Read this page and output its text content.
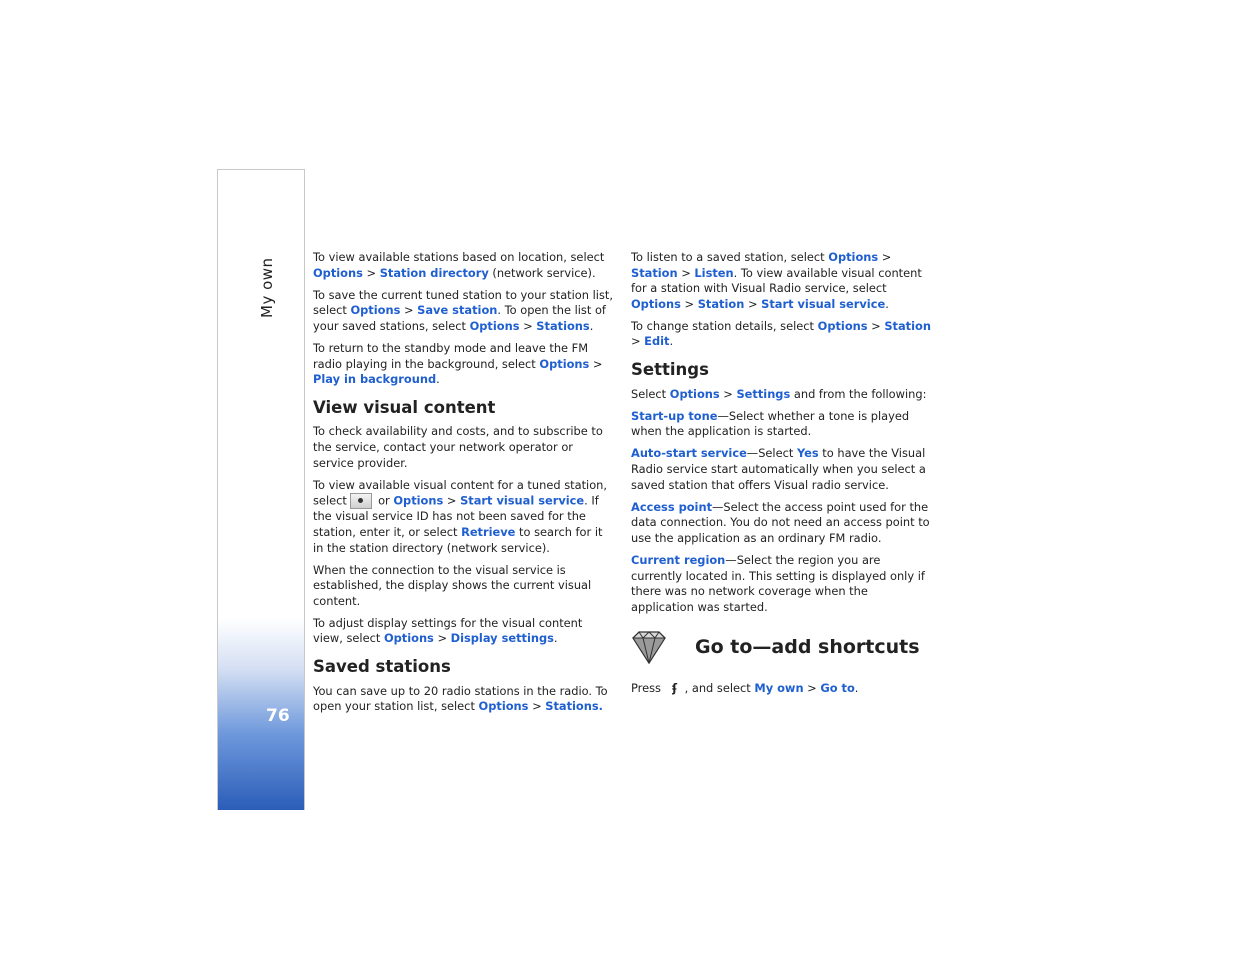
My own
76

To view available stations based on location, select Options > Station directory (network service).

To save the current tuned station to your station list, select Options > Save station. To open the list of your saved stations, select Options > Stations.

To return to the standby mode and leave the FM radio playing in the background, select Options > Play in background.

View visual content

To check availability and costs, and to subscribe to the service, contact your network operator or service provider.

To view available visual content for a tuned station, select  or Options > Start visual service. If the visual service ID has not been saved for the station, enter it, or select Retrieve to search for it in the station directory (network service).

When the connection to the visual service is established, the display shows the current visual content.

To adjust display settings for the visual content view, select Options > Display settings.

Saved stations

You can save up to 20 radio stations in the radio. To open your station list, select Options > Stations.

To listen to a saved station, select Options > Station > Listen. To view available visual content for a station with Visual Radio service, select Options > Station > Start visual service.

To change station details, select Options > Station > Edit.

Settings

Select Options > Settings and from the following:

Start-up tone—Select whether a tone is played when the application is started.

Auto-start service—Select Yes to have the Visual Radio service start automatically when you select a saved station that offers Visual radio service.

Access point—Select the access point used for the data connection. You do not need an access point to use the application as an ordinary FM radio.

Current region—Select the region you are currently located in. This setting is displayed only if there was no network coverage when the application was started.

Go to—add shortcuts

Press ʄ , and select My own > Go to.
